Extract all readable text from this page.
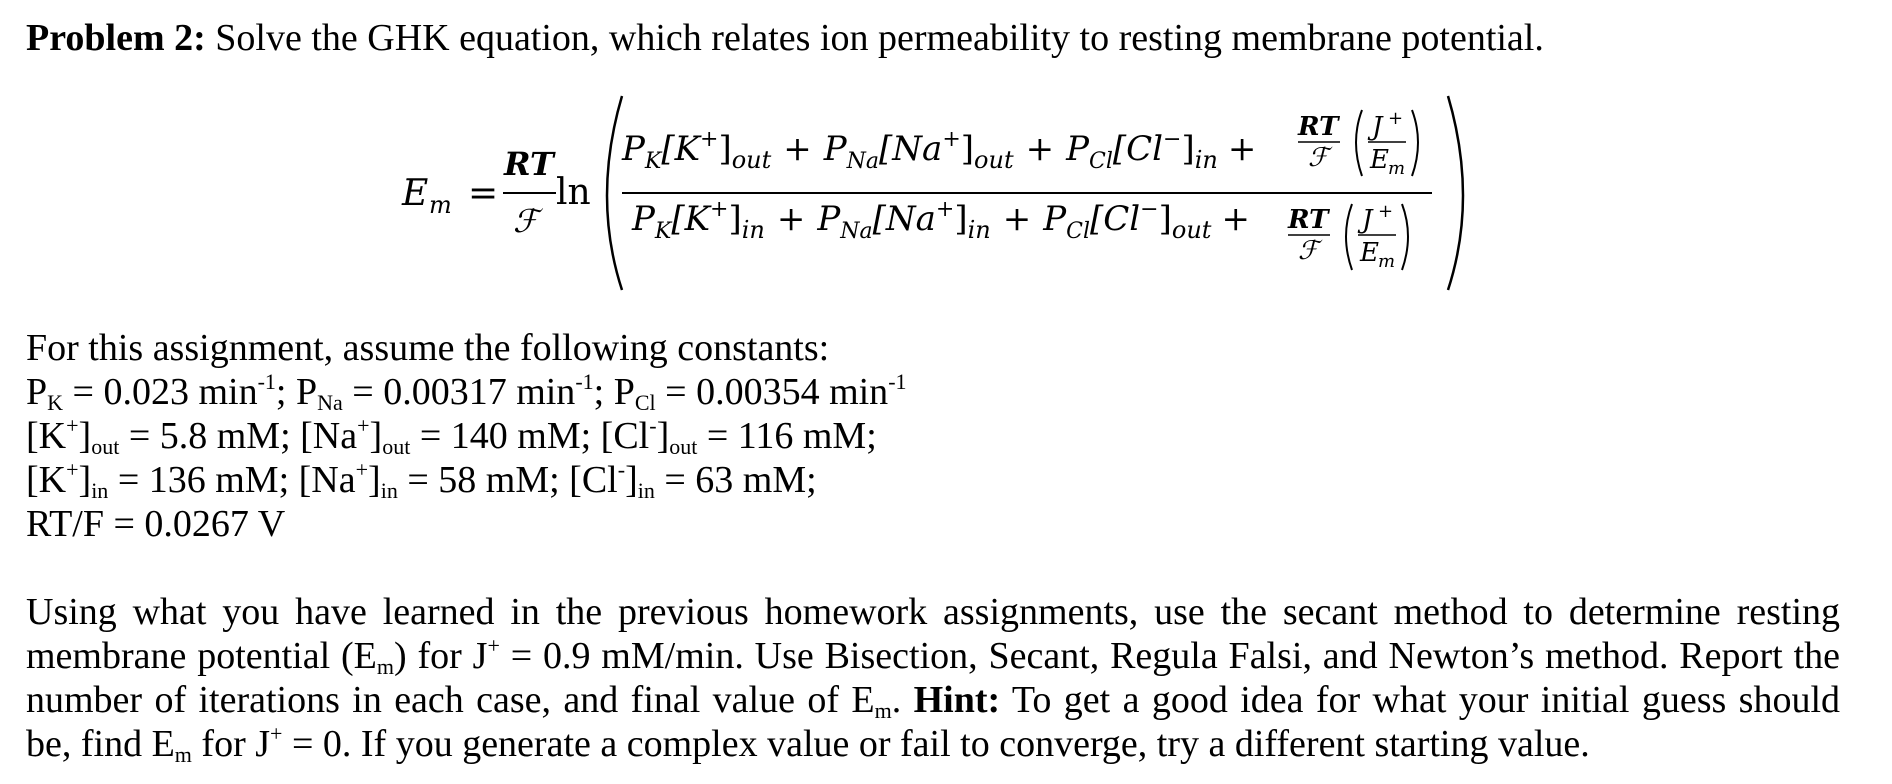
Problem 2: Solve the GHK equation, which relates ion permeability to resting membrane potential.
E m =
RT
ℱ
ln
$P_K[K^+]_{out} + P_{Na}[Na^+]_{out} + P_{Cl}[Cl^-]_{in}$ +
RT
ℱ
J +
E m
$P_K[K^+]_{in} + P_{Na}[Na^+]_{in} + P_{Cl}[Cl^-]_{out}$ + RT
ℱ
J +
E m
For this assignment, assume the following constants:
PK = 0.023 $\min^{-1}$; PNa = 0.00317 $\min^{-1}$; PCl = 0.00354 $\min^{-1}$
[K+]out = 5.8 mM; [Na+]out = 140 mM; [Cl-]out = 116 mM;
[K+]in = 136 mM; [Na+]in = 58 mM; [Cl-]in = 63 mM;
RT/F = 0.0267 V
Using what you have learned in the previous homework assignments, use the secant method to determine resting
membrane potential (Em) for J+ = 0.9 mM/min. Use Bisection, Secant, Regula Falsi, and Newton’s method. Report the
number of iterations in each case, and final value of Em. Hint: To get a good idea for what your initial guess should
be, find Em for J+ = 0. If you generate a complex value or fail to converge, try a different starting value.
